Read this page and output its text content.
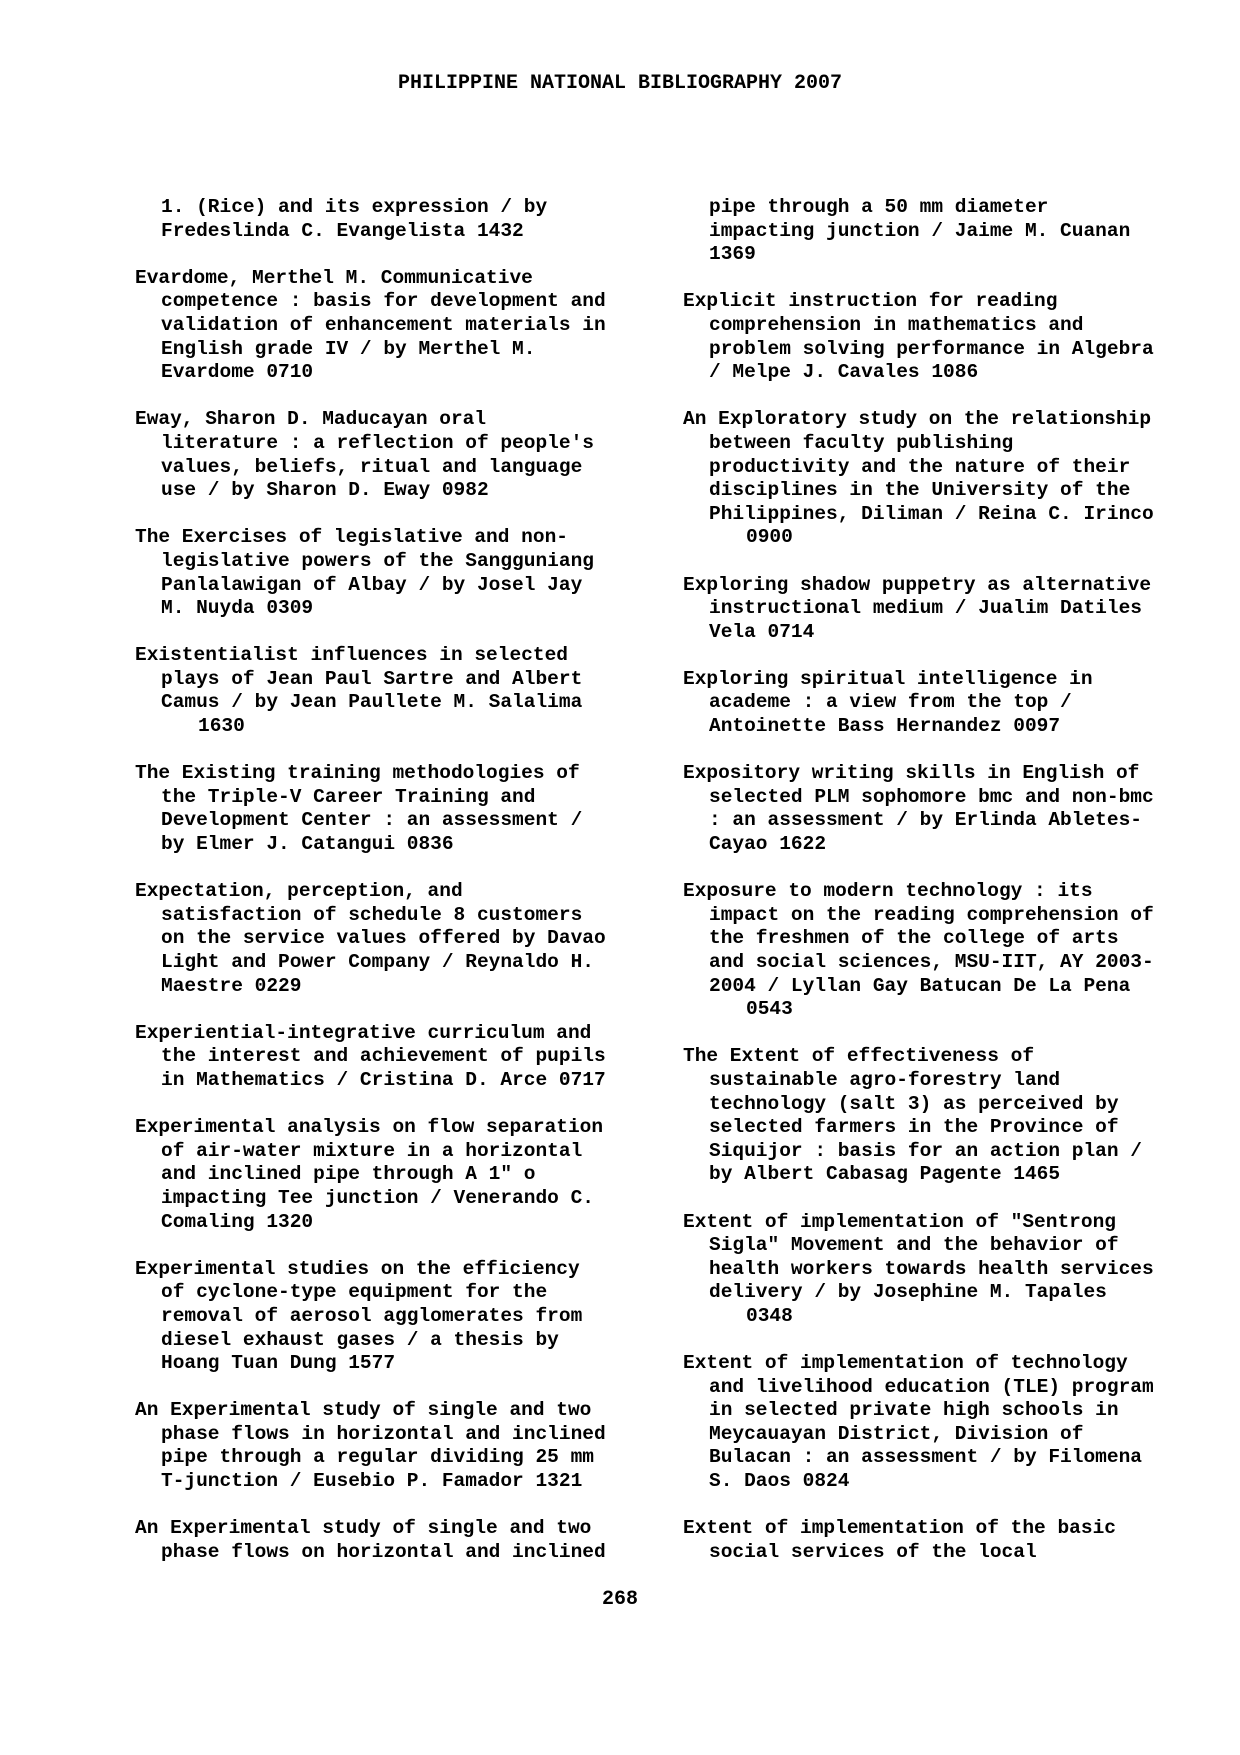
PHILIPPINE NATIONAL BIBLIOGRAPHY 2007
1. (Rice) and its expression / by
Fredeslinda C. Evangelista 1432
Evardome, Merthel M. Communicative
competence : basis for development and
validation of enhancement materials in
English grade IV / by Merthel M.
Evardome 0710
Eway, Sharon D. Maducayan oral
literature : a reflection of people's
values, beliefs, ritual and language
use / by Sharon D. Eway 0982
The Exercises of legislative and non-
legislative powers of the Sangguniang
Panlalawigan of Albay / by Josel Jay
M. Nuyda 0309
Existentialist influences in selected
plays of Jean Paul Sartre and Albert
Camus / by Jean Paullete M. Salalima
1630
The Existing training methodologies of
the Triple-V Career Training and
Development Center : an assessment /
by Elmer J. Catangui 0836
Expectation, perception, and
satisfaction of schedule 8 customers
on the service values offered by Davao
Light and Power Company / Reynaldo H.
Maestre 0229
Experiential-integrative curriculum and
the interest and achievement of pupils
in Mathematics / Cristina D. Arce 0717
Experimental analysis on flow separation
of air-water mixture in a horizontal
and inclined pipe through A 1" o
impacting Tee junction / Venerando C.
Comaling 1320
Experimental studies on the efficiency
of cyclone-type equipment for the
removal of aerosol agglomerates from
diesel exhaust gases / a thesis by
Hoang Tuan Dung 1577
An Experimental study of single and two
phase flows in horizontal and inclined
pipe through a regular dividing 25 mm
T-junction / Eusebio P. Famador 1321
An Experimental study of single and two
phase flows on horizontal and inclined
pipe through a 50 mm diameter
impacting junction / Jaime M. Cuanan
1369
Explicit instruction for reading
comprehension in mathematics and
problem solving performance in Algebra
/ Melpe J. Cavales 1086
An Exploratory study on the relationship
between faculty publishing
productivity and the nature of their
disciplines in the University of the
Philippines, Diliman / Reina C. Irinco
0900
Exploring shadow puppetry as alternative
instructional medium / Jualim Datiles
Vela 0714
Exploring spiritual intelligence in
academe : a view from the top /
Antoinette Bass Hernandez 0097
Expository writing skills in English of
selected PLM sophomore bmc and non-bmc
: an assessment / by Erlinda Abletes-
Cayao 1622
Exposure to modern technology : its
impact on the reading comprehension of
the freshmen of the college of arts
and social sciences, MSU-IIT, AY 2003-
2004 / Lyllan Gay Batucan De La Pena
0543
The Extent of effectiveness of
sustainable agro-forestry land
technology (salt 3) as perceived by
selected farmers in the Province of
Siquijor : basis for an action plan /
by Albert Cabasag Pagente 1465
Extent of implementation of "Sentrong
Sigla" Movement and the behavior of
health workers towards health services
delivery / by Josephine M. Tapales
0348
Extent of implementation of technology
and livelihood education (TLE) program
in selected private high schools in
Meycauayan District, Division of
Bulacan : an assessment / by Filomena
S. Daos 0824
Extent of implementation of the basic
social services of the local
268
